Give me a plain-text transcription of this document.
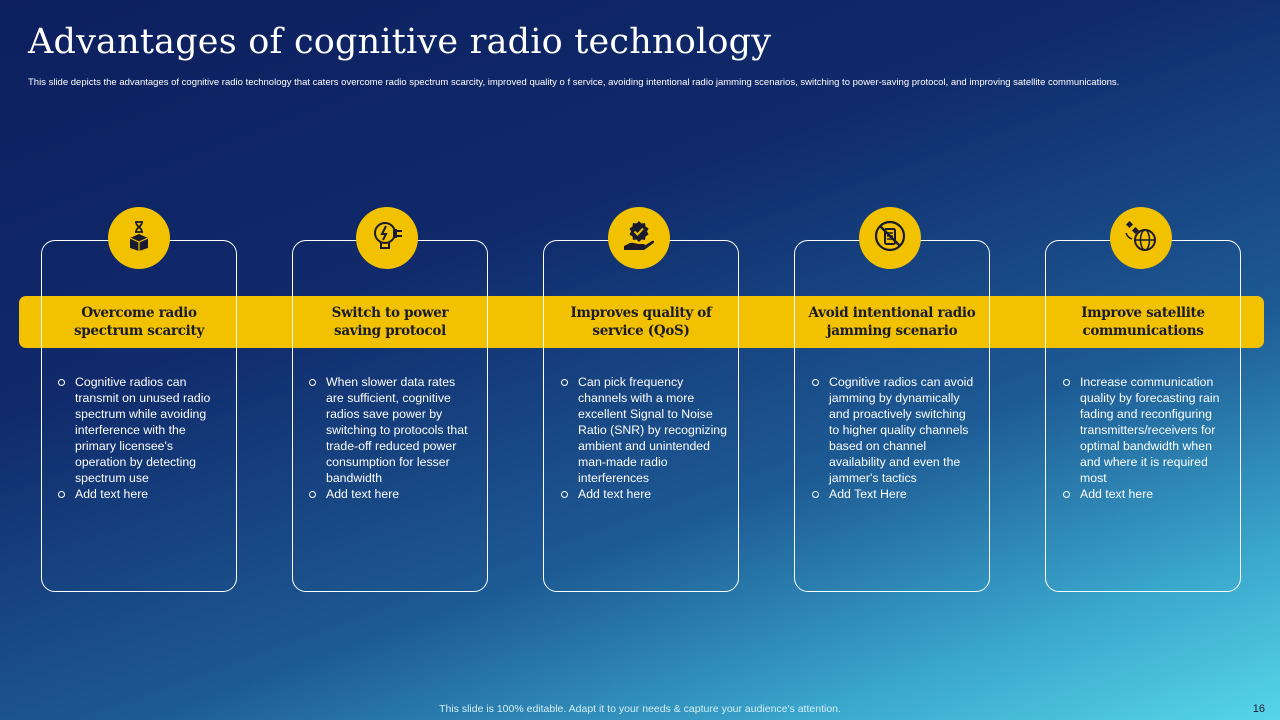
Advantages of cognitive radio technology
This slide depicts the advantages of cognitive radio technology that caters overcome radio spectrum scarcity, improved quality o f service, avoiding intentional radio jamming scenarios, switching to power-saving protocol, and improving satellite communications.
Overcome radio
spectrum scarcity
Cognitive radios can transmit on unused radio spectrum while avoiding interference with the primary licensee's operation by detecting spectrum use
Add text here
Switch to power
saving protocol
When slower data rates are sufficient, cognitive radios save power by switching to protocols that trade-off reduced power consumption for lesser bandwidth
Add text here
Improves quality of
service (QoS)
Can pick frequency channels with a more excellent Signal to Noise Ratio (SNR) by recognizing ambient and unintended man-made radio interferences
Add text here
Avoid intentional radio
jamming scenario
Cognitive radios can avoid jamming by dynamically and proactively switching to higher quality channels based on channel availability and even the jammer's tactics
Add Text Here
Improve satellite
communications
Increase communication quality by forecasting rain fading and reconfiguring transmitters/receivers for optimal bandwidth when and where it is required most
Add text here
This slide is 100% editable. Adapt it to your needs & capture your audience's attention.	16
